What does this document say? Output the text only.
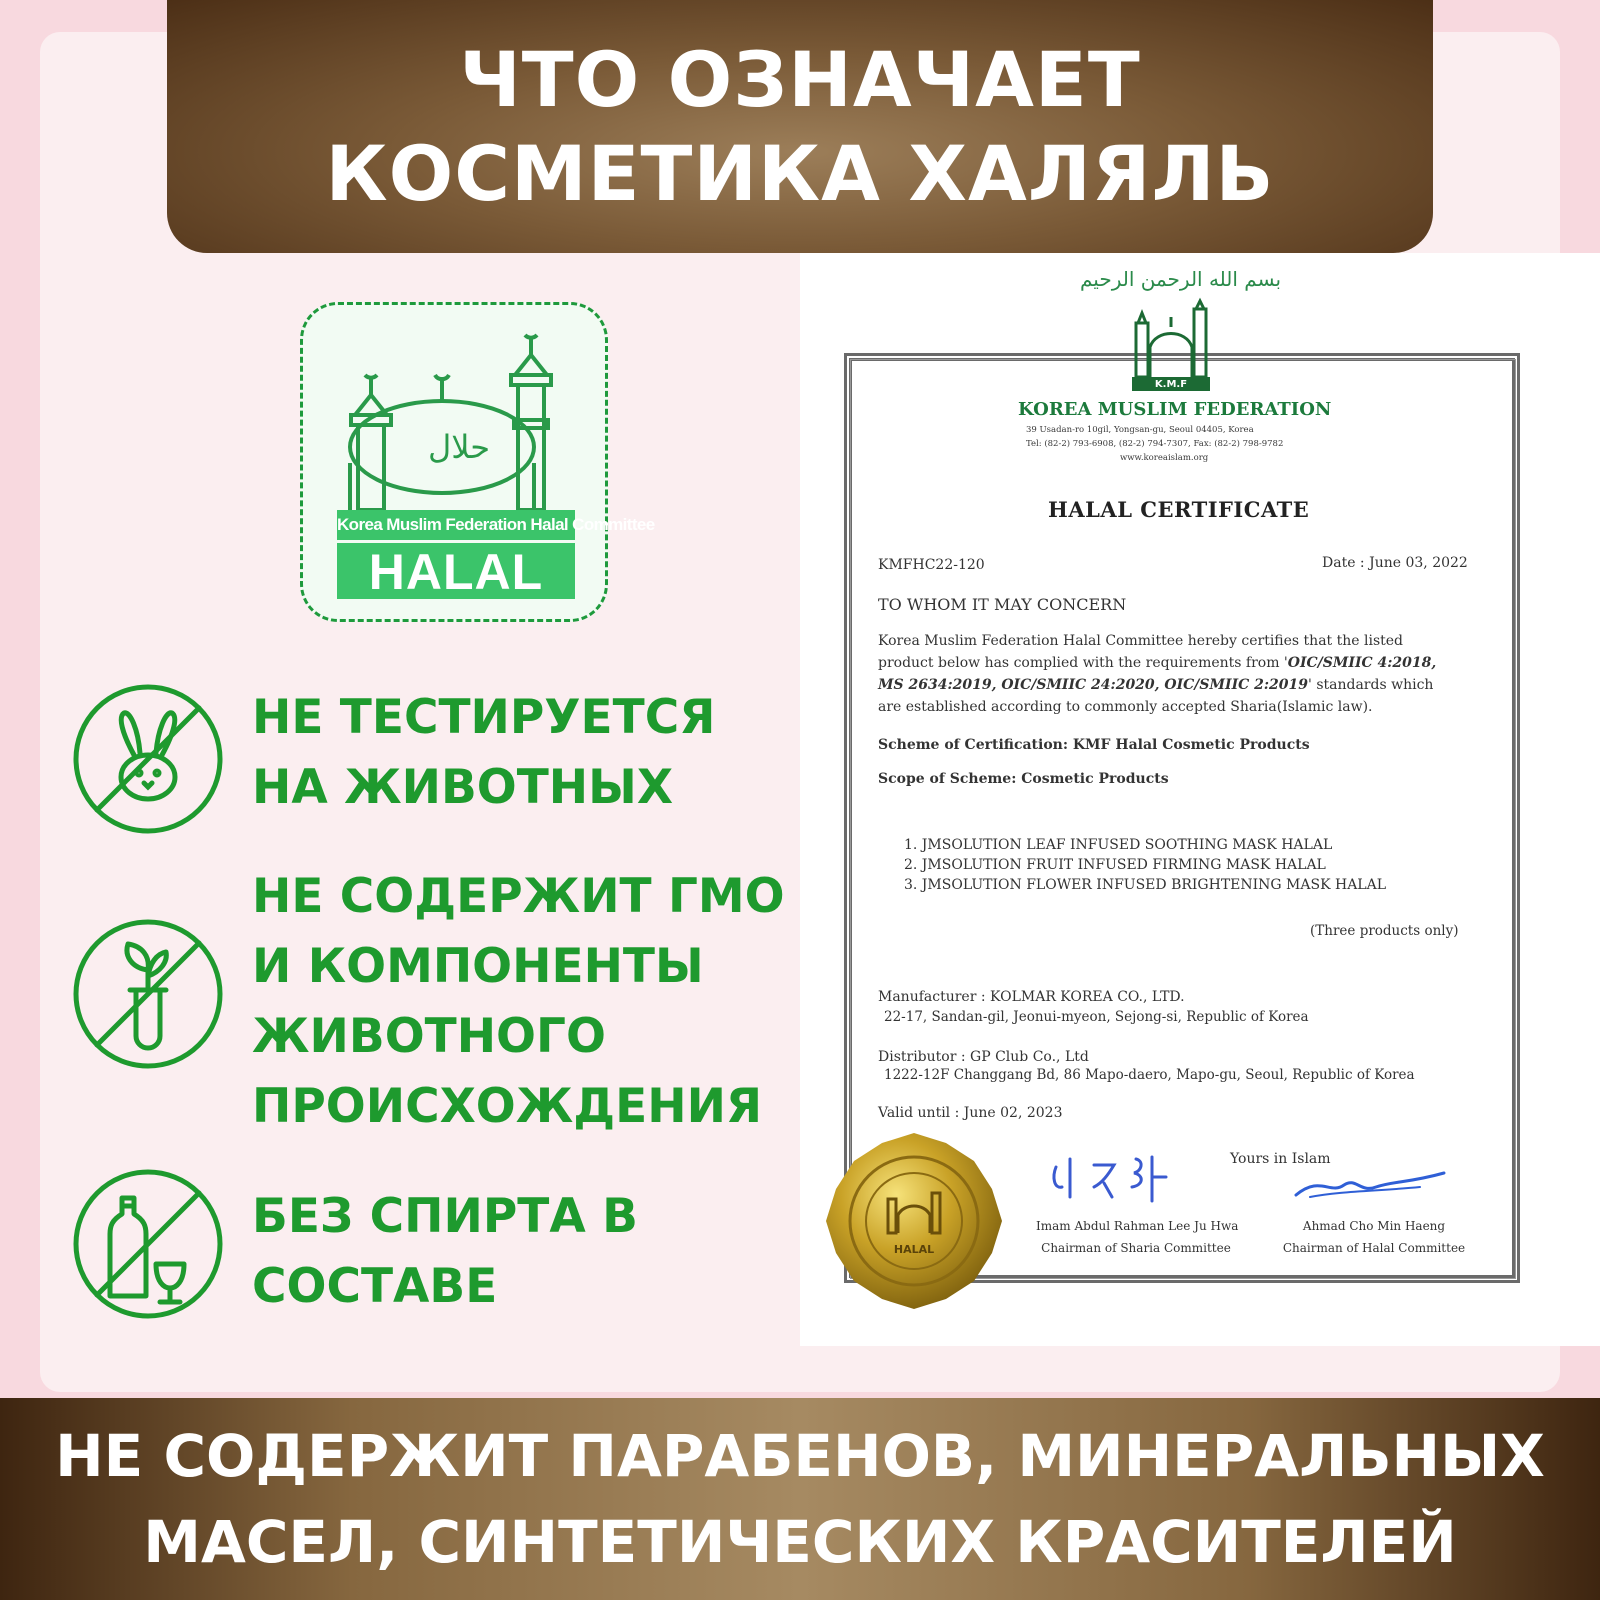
ЧТО ОЗНАЧАЕТ
КОСМЕТИКА ХАЛЯЛЬ
حلال
Korea Muslim Federation Halal Committee
HALAL
НЕ ТЕСТИРУЕТСЯ
НА ЖИВОТНЫХ
НЕ СОДЕРЖИТ ГМО
И КОМПОНЕНТЫ
ЖИВОТНОГО
ПРОИСХОЖДЕНИЯ
БЕЗ СПИРТА В
СОСТАВЕ
بسم الله الرحمن الرحيم
K.M.F
KOREA MUSLIM FEDERATION
39 Usadan-ro 10gil, Yongsan-gu, Seoul 04405, Korea
Tel: (82-2) 793-6908, (82-2) 794-7307, Fax: (82-2) 798-9782
www.koreaislam.org
HALAL CERTIFICATE
KMFHC22-120	Date : June 03, 2022
TO WHOM IT MAY CONCERN
Korea Muslim Federation Halal Committee hereby certifies that the listed
product below has complied with the requirements from 'OIC/SMIIC 4:2018,
MS 2634:2019, OIC/SMIIC 24:2020, OIC/SMIIC 2:2019' standards which
are established according to commonly accepted Sharia(Islamic law).
Scheme of Certification: KMF Halal Cosmetic Products
Scope of Scheme: Cosmetic Products
1. JMSOLUTION LEAF INFUSED SOOTHING MASK HALAL
2. JMSOLUTION FRUIT INFUSED FIRMING MASK HALAL
3. JMSOLUTION FLOWER INFUSED BRIGHTENING MASK HALAL
(Three products only)
Manufacturer : KOLMAR KOREA CO., LTD.
22-17, Sandan-gil, Jeonui-myeon, Sejong-si, Republic of Korea
Distributor : GP Club Co., Ltd
1222-12F Changgang Bd, 86 Mapo-daero, Mapo-gu, Seoul, Republic of Korea
Valid until : June 02, 2023
Yours in Islam
Imam Abdul Rahman Lee Ju Hwa
Chairman of Sharia Committee
Ahmad Cho Min Haeng
Chairman of Halal Committee
HALAL
НЕ СОДЕРЖИТ ПАРАБЕНОВ, МИНЕРАЛЬНЫХ
МАСЕЛ, СИНТЕТИЧЕСКИХ КРАСИТЕЛЕЙ
